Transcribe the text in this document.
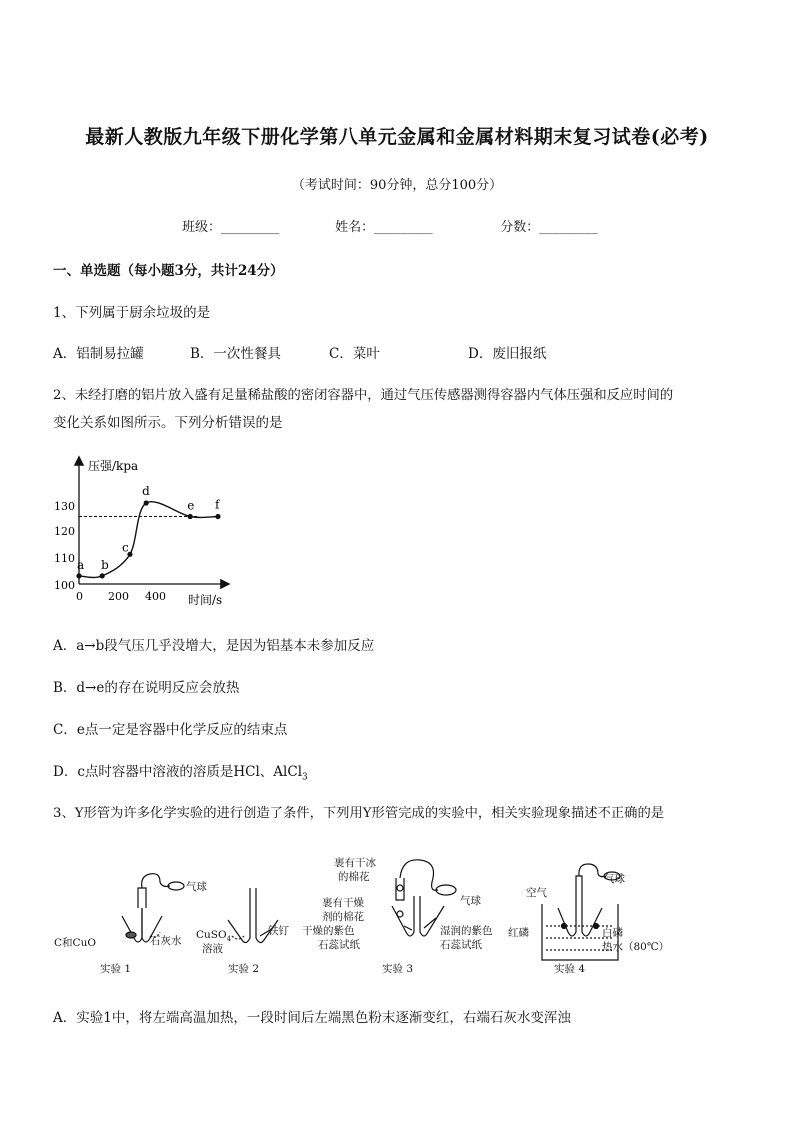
最新人教版九年级下册化学第八单元金属和金属材料期末复习试卷(必考)
（考试时间：90分钟，总分100分）
班级：_________	姓名：_________	分数：_________
一、单选题（每小题3分，共计24分）
1、下列属于厨余垃圾的是
A．铝制易拉罐	B．一次性餐具	C．菜叶	D．废旧报纸
2、未经打磨的铝片放入盛有足量稀盐酸的密闭容器中，通过气压传感器测得容器内气体压强和反应时间的
变化关系如图所示。下列分析错误的是
压强/kpa
时间/s
100
110
120
130
0 200 400
a b
c
d
e f
A．a→b段气压几乎没增大，是因为铝基本未参加反应
B．d→e的存在说明反应会放热
C．e点一定是容器中化学反应的结束点
D．c点时容器中溶液的溶质是HCl、AlCl$_3$
3、Y形管为许多化学实验的进行创造了条件，下列用Y形管完成的实验中，相关实验现象描述不正确的是
气球
C和CuO	石灰水
实验 1
CuSO$_4$
溶液
铁钉
实验 2
裹有干冰
的棉花
裹有干燥
剂的棉花
干燥的紫色
石蕊试纸
气球
湿润的紫色
石蕊试纸
实验 3
空气
气球
红磷	白磷
热水（80℃）
实验 4
A．实验1中，将左端高温加热，一段时间后左端黑色粉末逐渐变红，右端石灰水变浑浊
